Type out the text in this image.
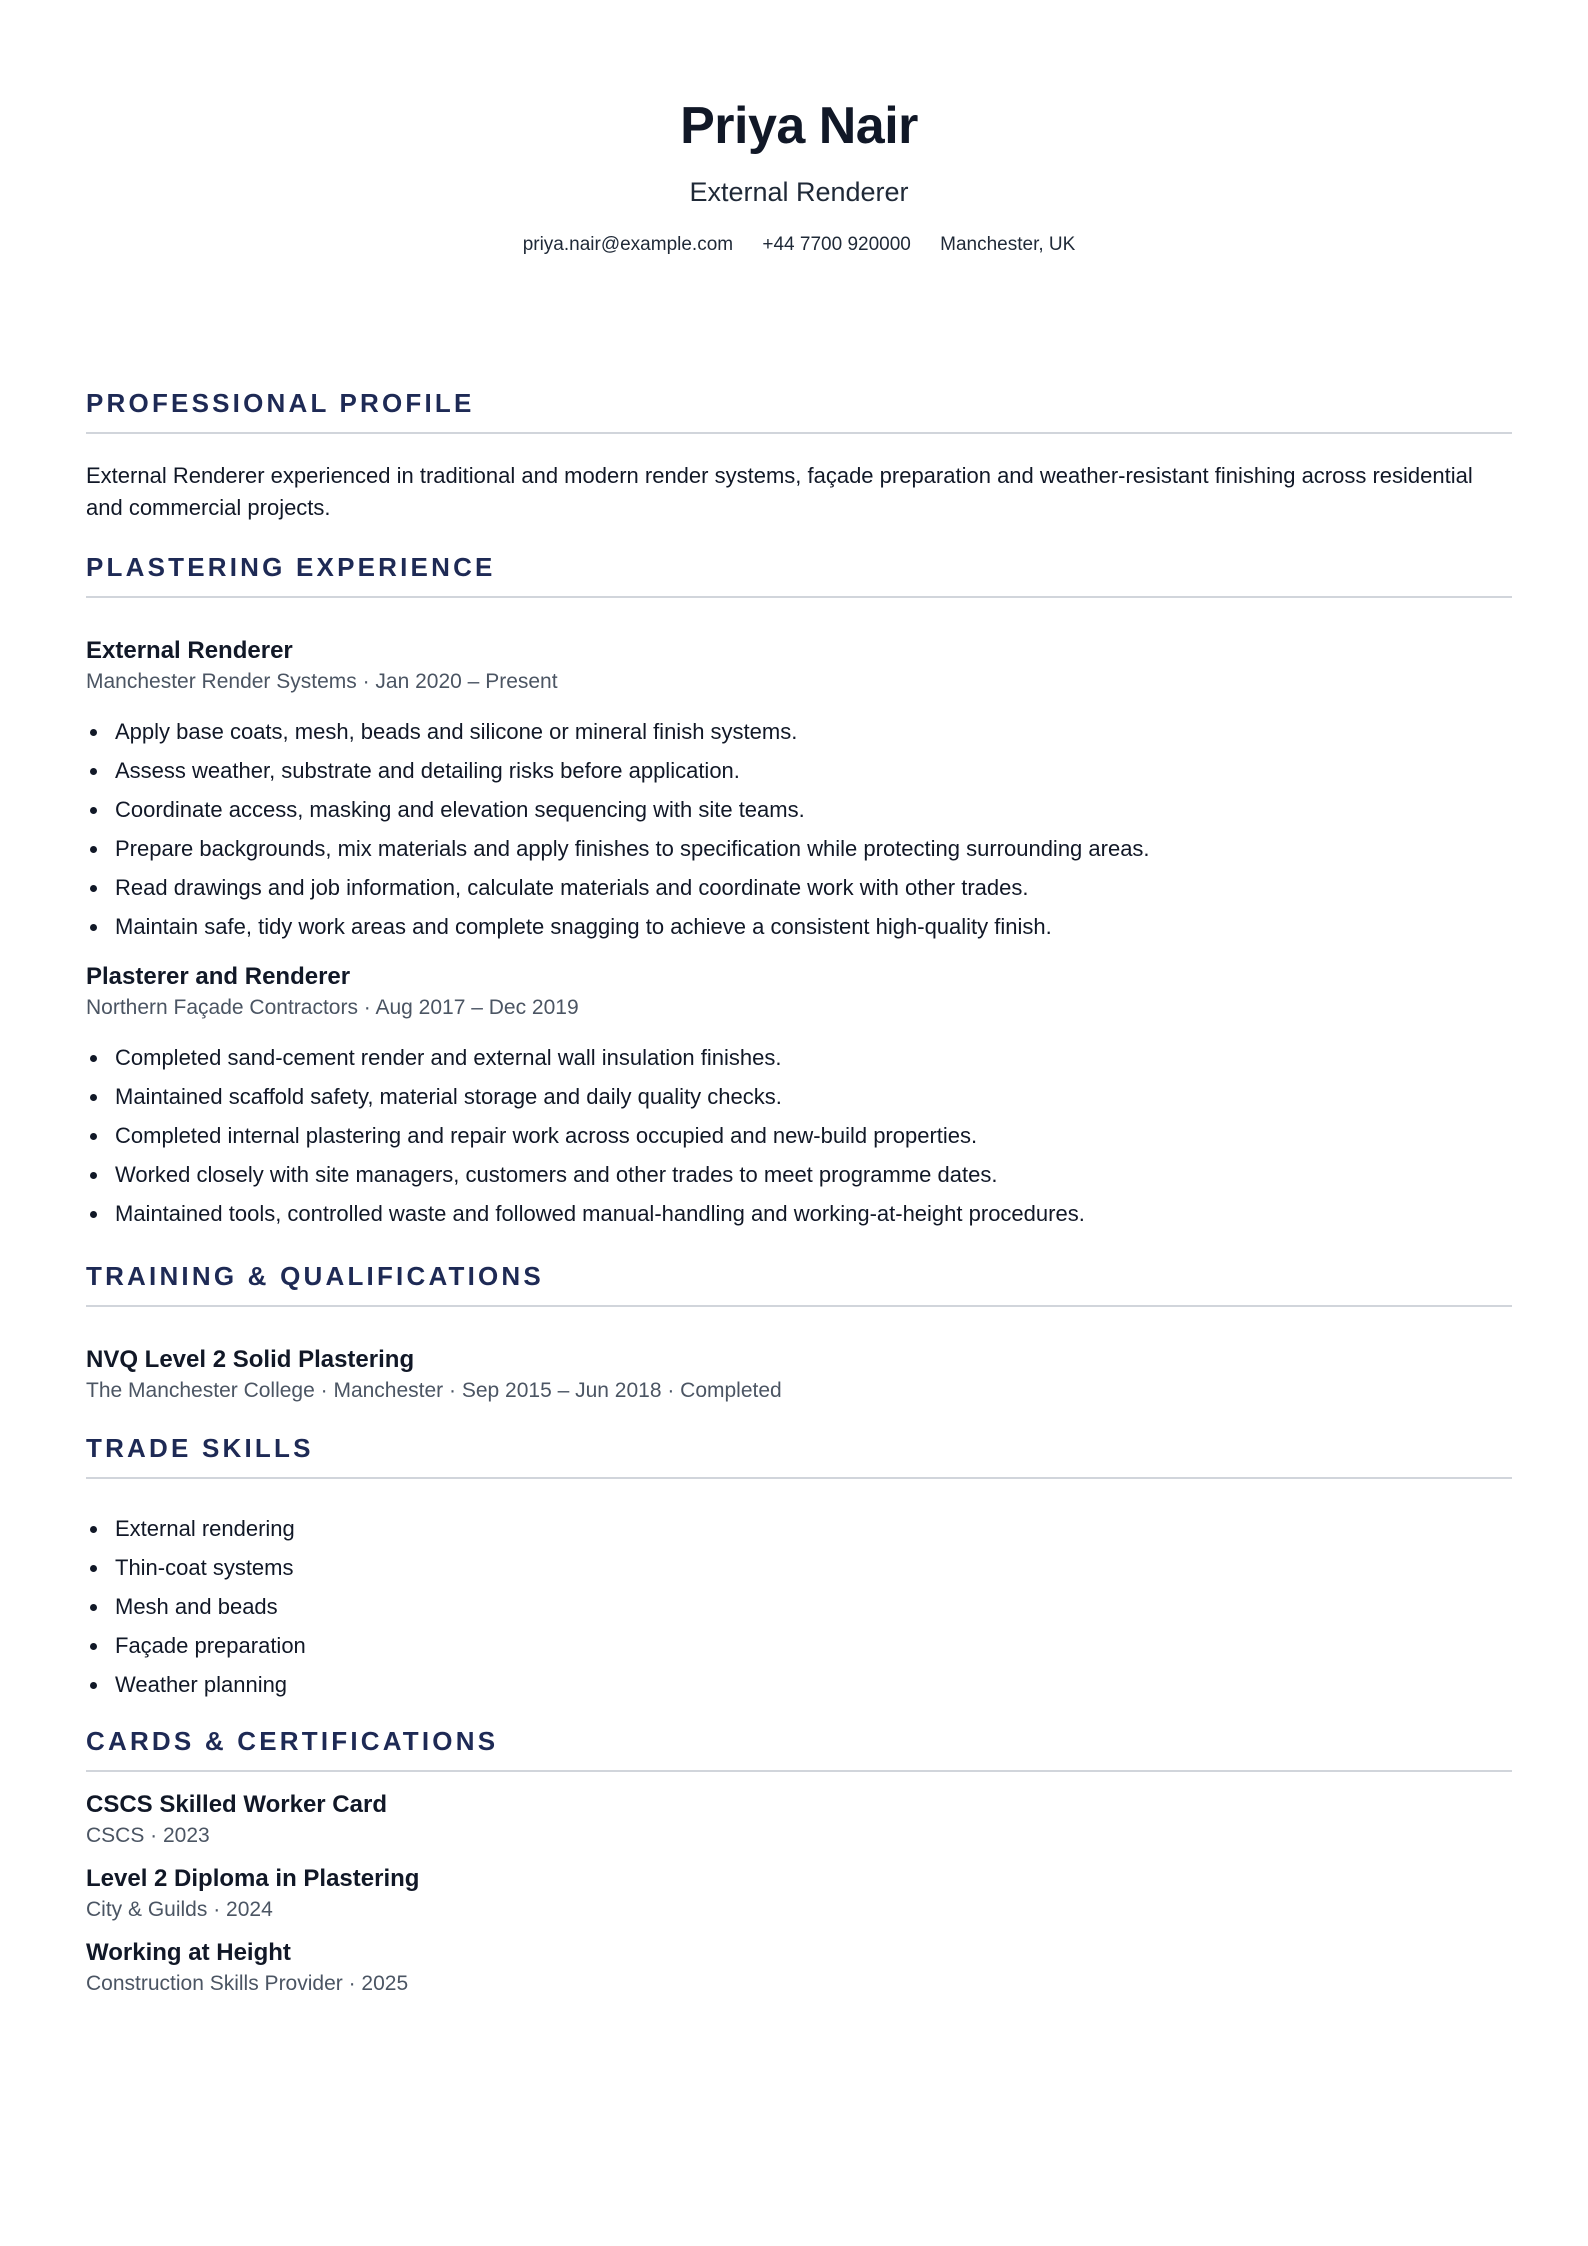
Priya Nair
External Renderer
priya.nair@example.com +44 7700 920000 Manchester, UK
PROFESSIONAL PROFILE
External Renderer experienced in traditional and modern render systems, façade preparation and weather-resistant finishing across residential and commercial projects.
PLASTERING EXPERIENCE
External Renderer
Manchester Render Systems · Jan 2020 – Present
Apply base coats, mesh, beads and silicone or mineral finish systems.
Assess weather, substrate and detailing risks before application.
Coordinate access, masking and elevation sequencing with site teams.
Prepare backgrounds, mix materials and apply finishes to specification while protecting surrounding areas.
Read drawings and job information, calculate materials and coordinate work with other trades.
Maintain safe, tidy work areas and complete snagging to achieve a consistent high-quality finish.
Plasterer and Renderer
Northern Façade Contractors · Aug 2017 – Dec 2019
Completed sand-cement render and external wall insulation finishes.
Maintained scaffold safety, material storage and daily quality checks.
Completed internal plastering and repair work across occupied and new-build properties.
Worked closely with site managers, customers and other trades to meet programme dates.
Maintained tools, controlled waste and followed manual-handling and working-at-height procedures.
TRAINING & QUALIFICATIONS
NVQ Level 2 Solid Plastering
The Manchester College · Manchester · Sep 2015 – Jun 2018 · Completed
TRADE SKILLS
External rendering
Thin-coat systems
Mesh and beads
Façade preparation
Weather planning
CARDS & CERTIFICATIONS
CSCS Skilled Worker Card
CSCS · 2023
Level 2 Diploma in Plastering
City & Guilds · 2024
Working at Height
Construction Skills Provider · 2025
